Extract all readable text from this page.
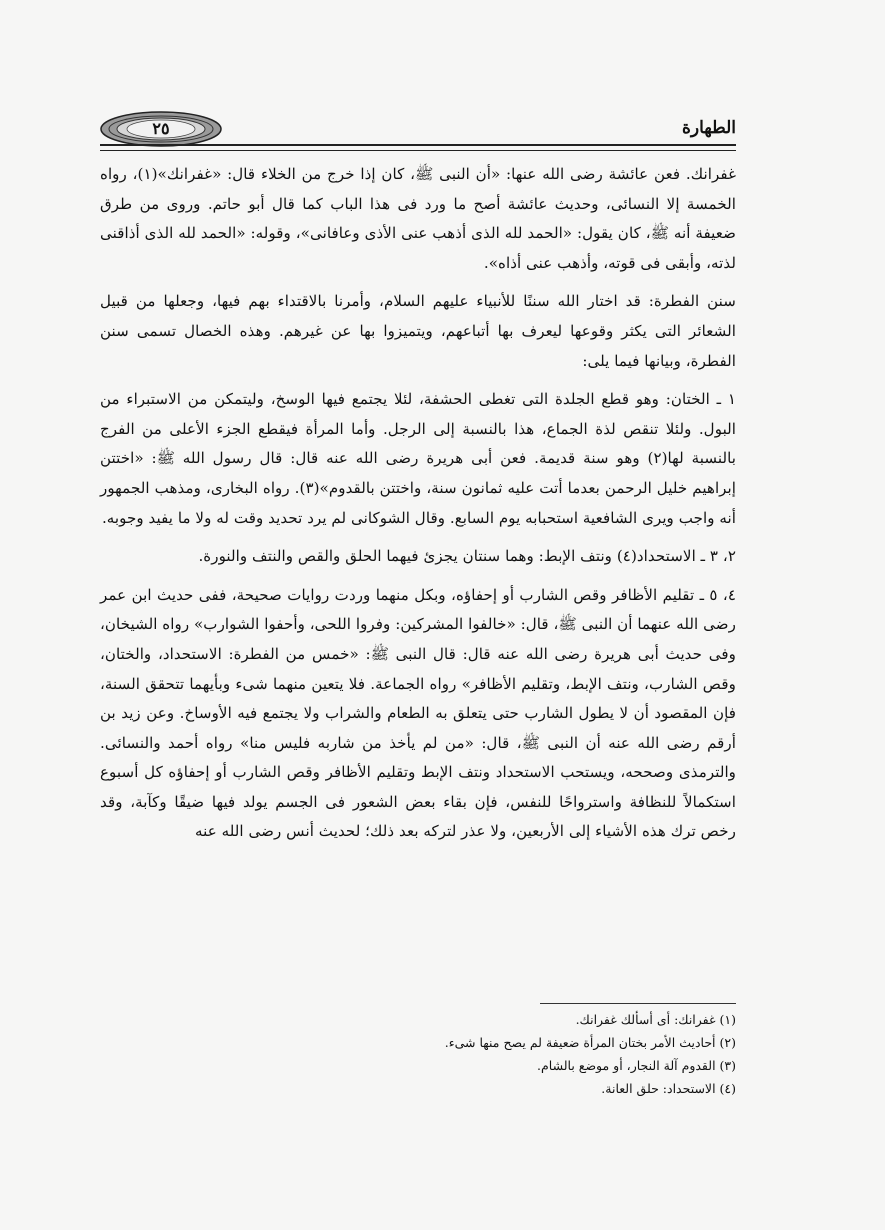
٢٥	الطهارة

غفرانك. فعن عائشة رضى الله عنها: «أن النبى ﷺ، كان إذا خرج من الخلاء قال: «غفرانك»(١)، رواه الخمسة إلا النسائى، وحديث عائشة أصح ما ورد فى هذا الباب كما قال أبو حاتم. وروى من طرق ضعيفة أنه ﷺ، كان يقول: «الحمد لله الذى أذهب عنى الأذى وعافانى»، وقوله: «الحمد لله الذى أذاقنى لذته، وأبقى فى قوته، وأذهب عنى أذاه».

سنن الفطرة: قد اختار الله سننًا للأنبياء عليهم السلام، وأمرنا بالاقتداء بهم فيها، وجعلها من قبيل الشعائر التى يكثر وقوعها ليعرف بها أتباعهم، ويتميزوا بها عن غيرهم. وهذه الخصال تسمى سنن الفطرة، وبيانها فيما يلى:

١ ـ الختان: وهو قطع الجلدة التى تغطى الحشفة، لئلا يجتمع فيها الوسخ، وليتمكن من الاستبراء من البول. ولئلا تنقص لذة الجماع، هذا بالنسبة إلى الرجل. وأما المرأة فيقطع الجزء الأعلى من الفرج بالنسبة لها(٢) وهو سنة قديمة. فعن أبى هريرة رضى الله عنه قال: قال رسول الله ﷺ: «اختتن إبراهيم خليل الرحمن بعدما أتت عليه ثمانون سنة، واختتن بالقدوم»(٣). رواه البخارى، ومذهب الجمهور أنه واجب ويرى الشافعية استحبابه يوم السابع. وقال الشوكانى لم يرد تحديد وقت له ولا ما يفيد وجوبه.

٢، ٣ ـ الاستحداد(٤) ونتف الإبط: وهما سنتان يجزئ فيهما الحلق والقص والنتف والنورة.

٤، ٥ ـ تقليم الأظافر وقص الشارب أو إحفاؤه، وبكل منهما وردت روايات صحيحة، ففى حديث ابن عمر رضى الله عنهما أن النبى ﷺ، قال: «خالفوا المشركين: وفروا اللحى، وأحفوا الشوارب» رواه الشيخان، وفى حديث أبى هريرة رضى الله عنه قال: قال النبى ﷺ: «خمس من الفطرة: الاستحداد، والختان، وقص الشارب، ونتف الإبط، وتقليم الأظافر» رواه الجماعة. فلا يتعين منهما شىء وبأيهما تتحقق السنة، فإن المقصود أن لا يطول الشارب حتى يتعلق به الطعام والشراب ولا يجتمع فيه الأوساخ. وعن زيد بن أرقم رضى الله عنه أن النبى ﷺ، قال: «من لم يأخذ من شاربه فليس منا» رواه أحمد والنسائى. والترمذى وصححه، ويستحب الاستحداد ونتف الإبط وتقليم الأظافر وقص الشارب أو إحفاؤه كل أسبوع استكمالاً للنظافة واسترواحًا للنفس، فإن بقاء بعض الشعور فى الجسم يولد فيها ضيقًا وكآبة، وقد رخص ترك هذه الأشياء إلى الأربعين، ولا عذر لتركه بعد ذلك؛ لحديث أنس رضى الله عنه

(١) غفرانك: أى أسألك غفرانك.
(٢) أحاديث الأمر بختان المرأة ضعيفة لم يصح منها شىء.
(٣) القدوم آلة النجار، أو موضع بالشام.
(٤) الاستحداد: حلق العانة.
